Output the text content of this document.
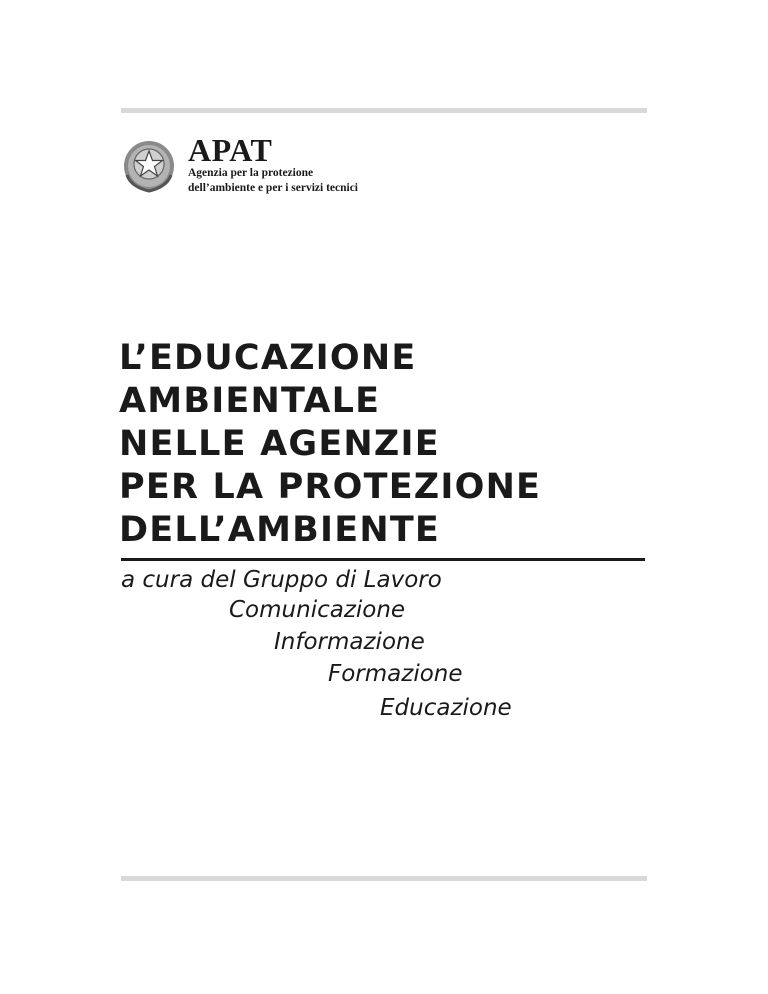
APAT
Agenzia per la protezione
dell’ambiente e per i servizi tecnici
L’EDUCAZIONE
AMBIENTALE
NELLE AGENZIE
PER LA PROTEZIONE
DELL’AMBIENTE
a cura del Gruppo di Lavoro
Comunicazione
Informazione
Formazione
Educazione
